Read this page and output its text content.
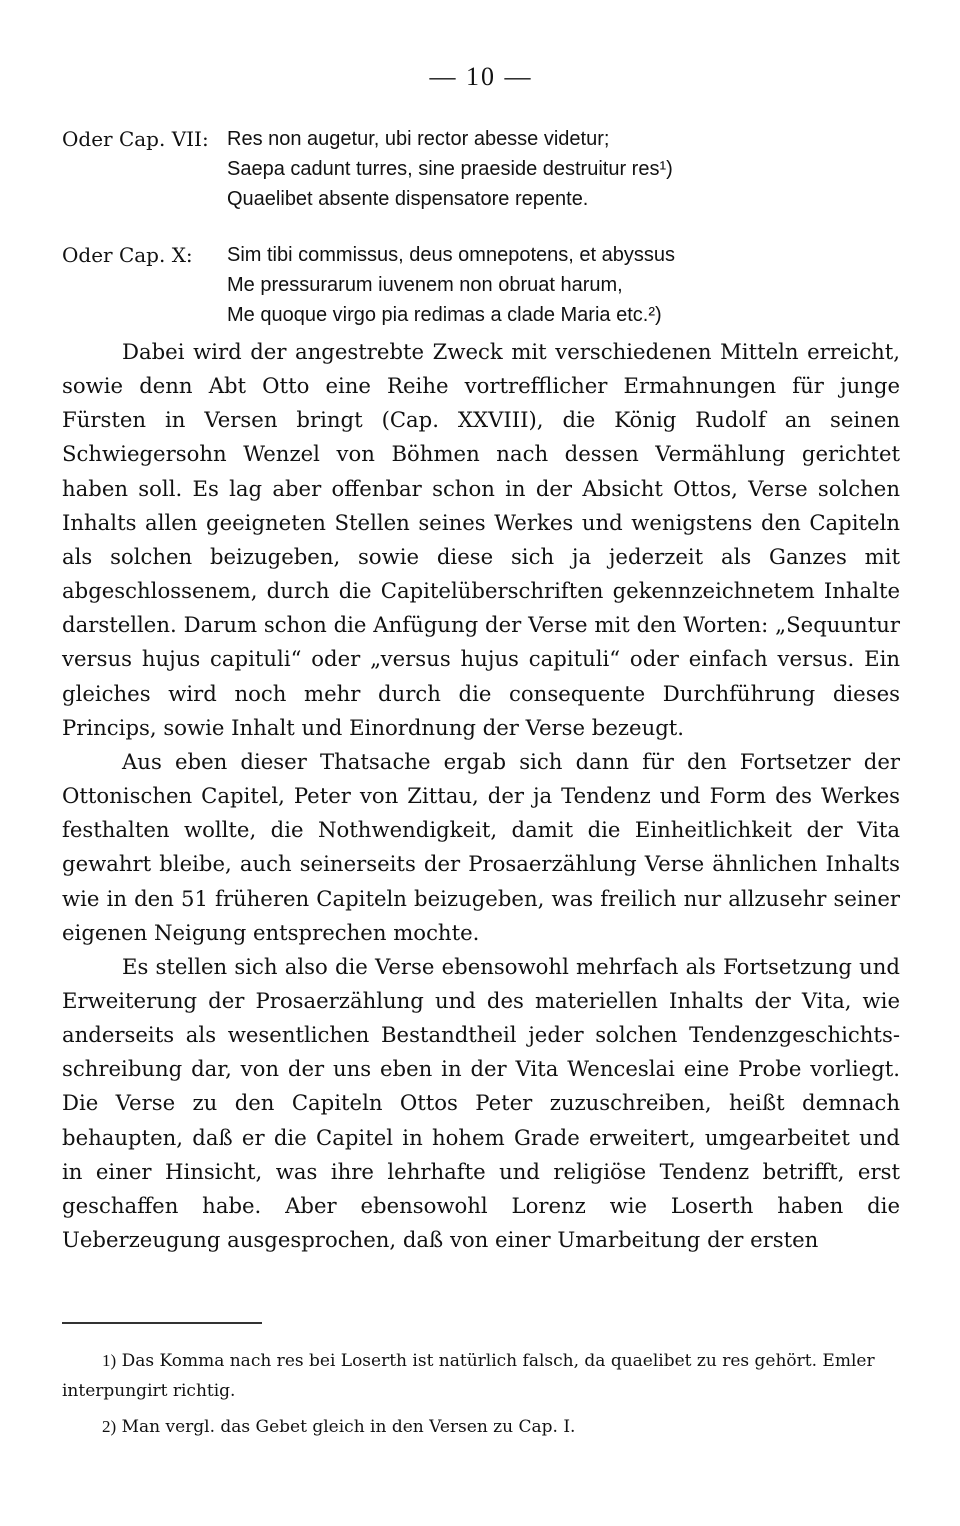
— 10 —
Oder Cap. VII: Res non augetur, ubi rector abesse videtur;
Saepa cadunt turres, sine praeside destruitur res¹)
Quaelibet absente dispensatore repente.
Oder Cap. X:	Sim tibi commissus, deus omnepotens, et abyssus
Me pressurarum iuvenem non obruat harum,
Me quoque virgo pia redimas a clade Maria etc.²)

Dabei wird der angestrebte Zweck mit verschiedenen Mitteln erreicht, sowie denn Abt Otto eine Reihe vortrefflicher Ermahnungen für junge Fürsten in Versen bringt (Cap. XXVIII), die König Rudolf an seinen Schwiegersohn Wenzel von Böhmen nach dessen Vermählung gerichtet haben soll. Es lag aber offenbar schon in der Absicht Ottos, Verse solchen Inhalts allen geeigneten Stellen seines Werkes und wenigstens den Capiteln als solchen beizugeben, sowie diese sich ja jederzeit als Ganzes mit abgeschlossenem, durch die Capitelüberschriften gekennzeichnetem Inhalte darstellen. Darum schon die Anfügung der Verse mit den Worten: „Sequuntur versus hujus capituli“ oder „versus hujus capituli“ oder einfach versus. Ein gleiches wird noch mehr durch die consequente Durchführung dieses Princips, sowie Inhalt und Einordnung der Verse bezeugt.

Aus eben dieser Thatsache ergab sich dann für den Fortsetzer der Ottonischen Capitel, Peter von Zittau, der ja Tendenz und Form des Werkes festhalten wollte, die Nothwendigkeit, damit die Einheitlichkeit der Vita gewahrt bleibe, auch seinerseits der Prosaerzählung Verse ähnlichen Inhalts wie in den 51 früheren Capiteln beizugeben, was freilich nur allzusehr seiner eigenen Neigung entsprechen mochte.

Es stellen sich also die Verse ebensowohl mehrfach als Fortsetzung und Erweiterung der Prosaerzählung und des materiellen Inhalts der Vita, wie anderseits als wesentlichen Bestandtheil jeder solchen Tendenzgeschichtsschreibung dar, von der uns eben in der Vita Wenceslai eine Probe vorliegt. Die Verse zu den Capiteln Ottos Peter zuzuschreiben, heißt demnach behaupten, daß er die Capitel in hohem Grade erweitert, umgearbeitet und in einer Hinsicht, was ihre lehrhafte und religiöse Tendenz betrifft, erst geschaffen habe. Aber ebensowohl Lorenz wie Loserth haben die Ueberzeugung ausgesprochen, daß von einer Umarbeitung der ersten

1) Das Komma nach res bei Loserth ist natürlich falsch, da quaelibet zu res gehört. Emler interpungirt richtig.

2) Man vergl. das Gebet gleich in den Versen zu Cap. I.
